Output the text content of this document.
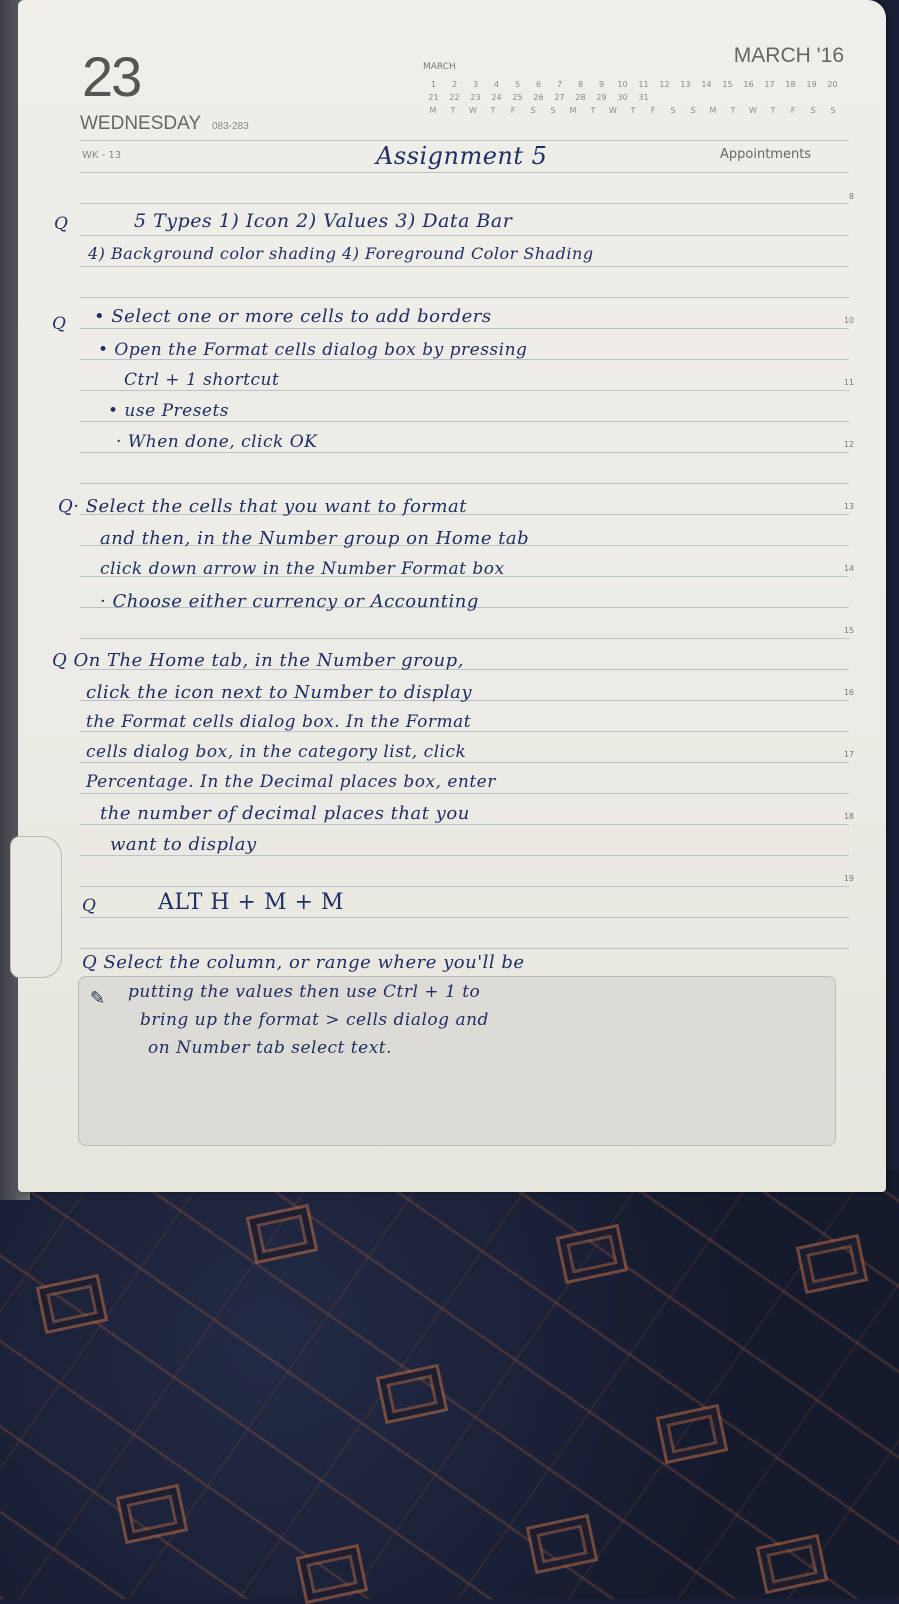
23
WEDNESDAY 083-283
WK - 13
MARCH '16
MARCH
1	2	3	4	5	6	7	8	9	10	11	12	13	14	15	16	17	18	19	20
21	22	23	24	25	26	27	28	29	30	31
M	T	W	T	F	S	S	M	T	W	T	F	S	S	M	T	W	T	F	S	S
Appointments
8
10
11
12
13
14
15
16
17
18
19
✎
Assignment 5
Q	5 Types 1) Icon 2) Values 3) Data Bar
4) Background color shading 4) Foreground Color Shading
Q • Select one or more cells to add borders
• Open the Format cells dialog box by pressing
Ctrl + 1 shortcut
• use Presets
· When done, click OK
Q· Select the cells that you want to format
and then, in the Number group on Home tab
click down arrow in the Number Format box
· Choose either currency or Accounting
Q On The Home tab, in the Number group,
click the icon next to Number to display
the Format cells dialog box. In the Format
cells dialog box, in the category list, click
Percentage. In the Decimal places box, enter
the number of decimal places that you
want to display
Q	ALT H + M + M
Q Select the column, or range where you'll be
putting the values then use Ctrl + 1 to
bring up the format > cells dialog and
on Number tab select text.
